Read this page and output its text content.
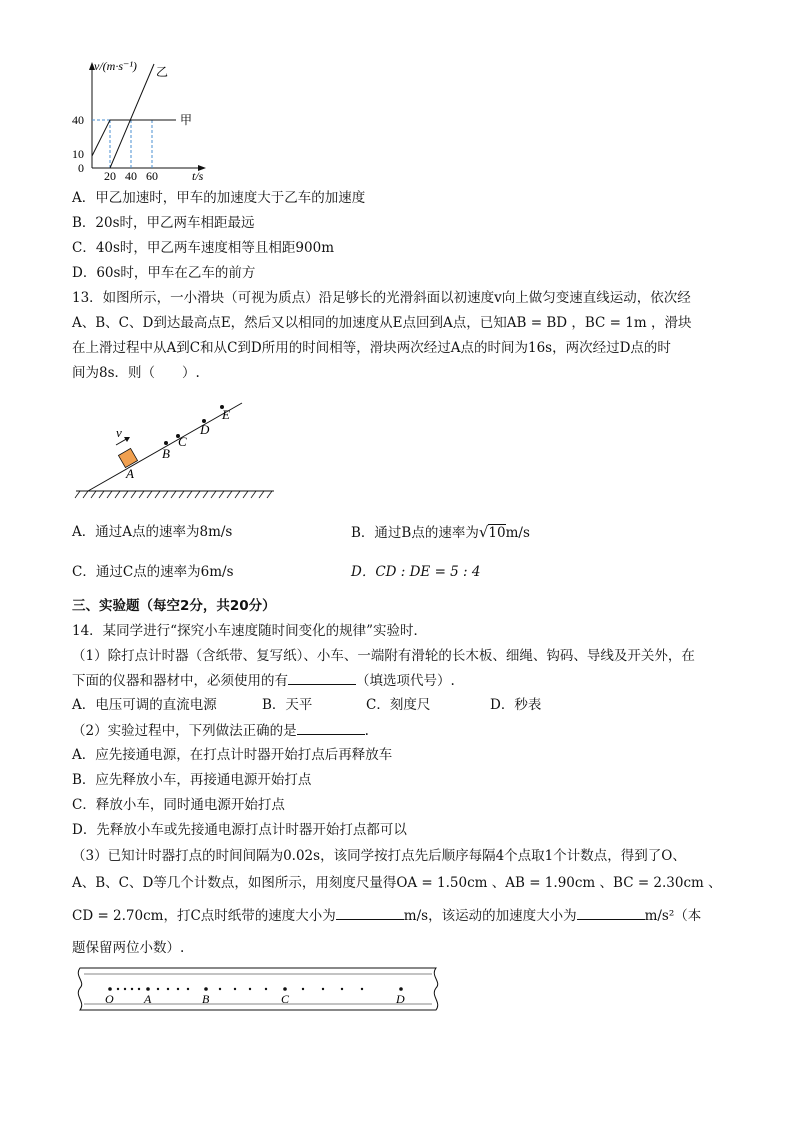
v/(m·s⁻¹)
t/s
40
10
0
20 40 60
甲
乙
A．甲乙加速时，甲车的加速度大于乙车的加速度
B．20s时，甲乙两车相距最远
C．40s时，甲乙两车速度相等且相距900m
D．60s时，甲车在乙车的前方
13．如图所示，一小滑块（可视为质点）沿足够长的光滑斜面以初速度v向上做匀变速直线运动，依次经
A、B、C、D到达最高点E，然后又以相同的加速度从E点回到A点，已知AB = BD ，BC = 1m ，滑块
在上滑过程中从A到C和从C到D所用的时间相等，滑块两次经过A点的时间为16s，两次经过D点的时
间为8s．则（　　）.
v
A
B
C
D
E
A．通过A点的速率为8m/s	B．通过B点的速率为√10m/s
C．通过C点的速率为6m/s	D．CD : DE = 5 : 4
三、实验题（每空2分，共20分）
14．某同学进行“探究小车速度随时间变化的规律”实验时．
（1）除打点计时器（含纸带、复写纸）、小车、一端附有滑轮的长木板、细绳、钩码、导线及开关外，在
下面的仪器和器材中，必须使用的有	（填选项代号）.
A．电压可调的直流电源	B．天平	C．刻度尺	D．秒表
（2）实验过程中，下列做法正确的是	.
A．应先接通电源，在打点计时器开始打点后再释放车
B．应先释放小车，再接通电源开始打点
C．释放小车，同时通电源开始打点
D．先释放小车或先接通电源打点计时器开始打点都可以
（3）已知计时器打点的时间间隔为0.02s，该同学按打点先后顺序每隔4个点取1个计数点，得到了O、
A、B、C、D等几个计数点，如图所示，用刻度尺量得OA = 1.50cm 、AB = 1.90cm 、BC = 2.30cm 、
CD = 2.70cm，打C点时纸带的速度大小为	m/s，该运动的加速度大小为	m/s²（本
题保留两位小数）.
O	A	B	C	D
